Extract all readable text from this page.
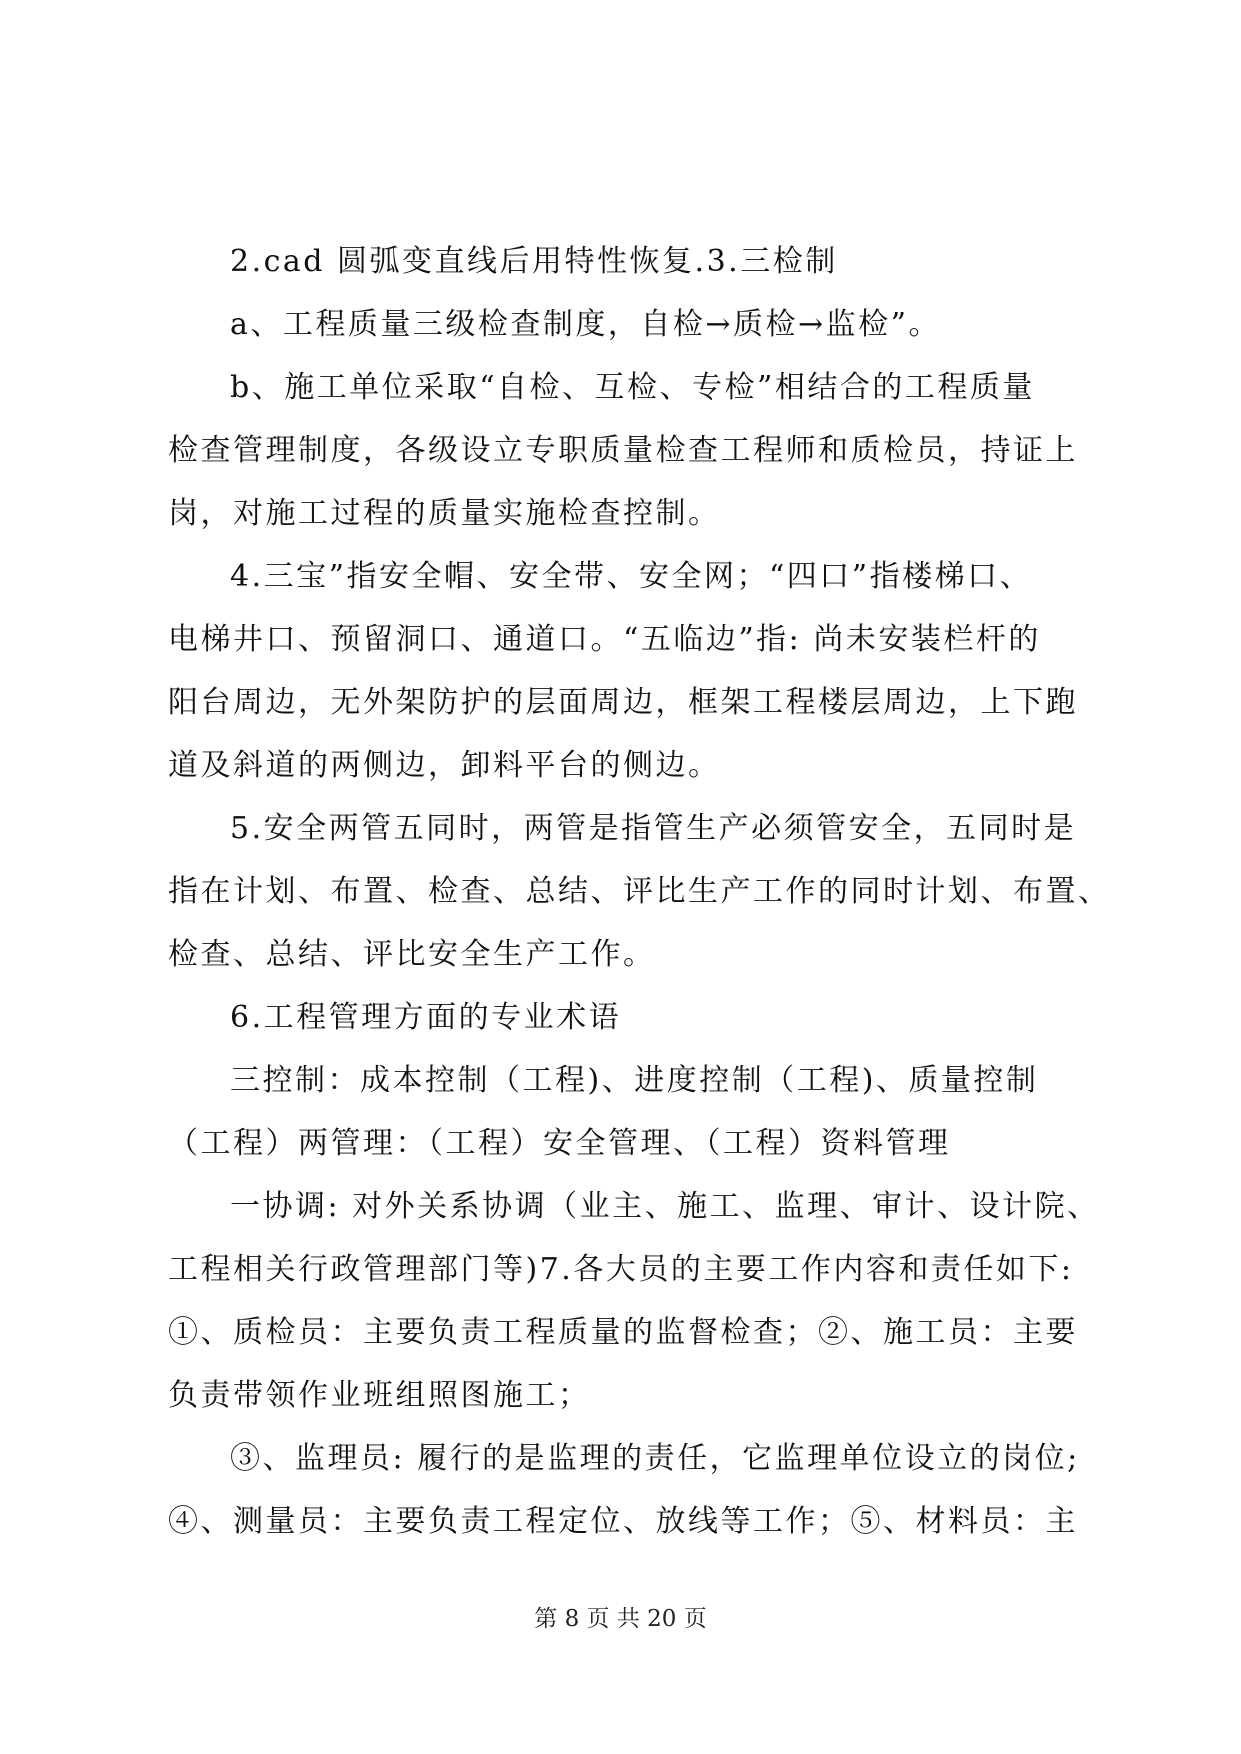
2.cad 圆弧变直线后用特性恢复.3.三检制
a、工程质量三级检查制度，自检→质检→监检”。
b、施工单位采取“自检、互检、专检”相结合的工程质量
检查管理制度，各级设立专职质量检查工程师和质检员，持证上
岗，对施工过程的质量实施检查控制。
4.三宝”指安全帽、安全带、安全网；“四口”指楼梯口、
电梯井口、预留洞口、通道口。“五临边”指: 尚未安装栏杆的
阳台周边，无外架防护的层面周边，框架工程楼层周边，上下跑
道及斜道的两侧边，卸料平台的侧边。
5.安全两管五同时，两管是指管生产必须管安全，五同时是
指在计划、布置、检查、总结、评比生产工作的同时计划、布置、
检查、总结、评比安全生产工作。
6.工程管理方面的专业术语
三控制：成本控制（工程)、进度控制（工程)、质量控制
（工程）两管理：（工程）安全管理、（工程）资料管理
一协调: 对外关系协调（业主、施工、监理、审计、设计院、
工程相关行政管理部门等)7.各大员的主要工作内容和责任如下:
①、质检员：主要负责工程质量的监督检查；②、施工员：主要
负责带领作业班组照图施工；
③、监理员: 履行的是监理的责任，它监理单位设立的岗位;
④、测量员：主要负责工程定位、放线等工作；⑤、材料员：主
第 8 页 共 20 页
